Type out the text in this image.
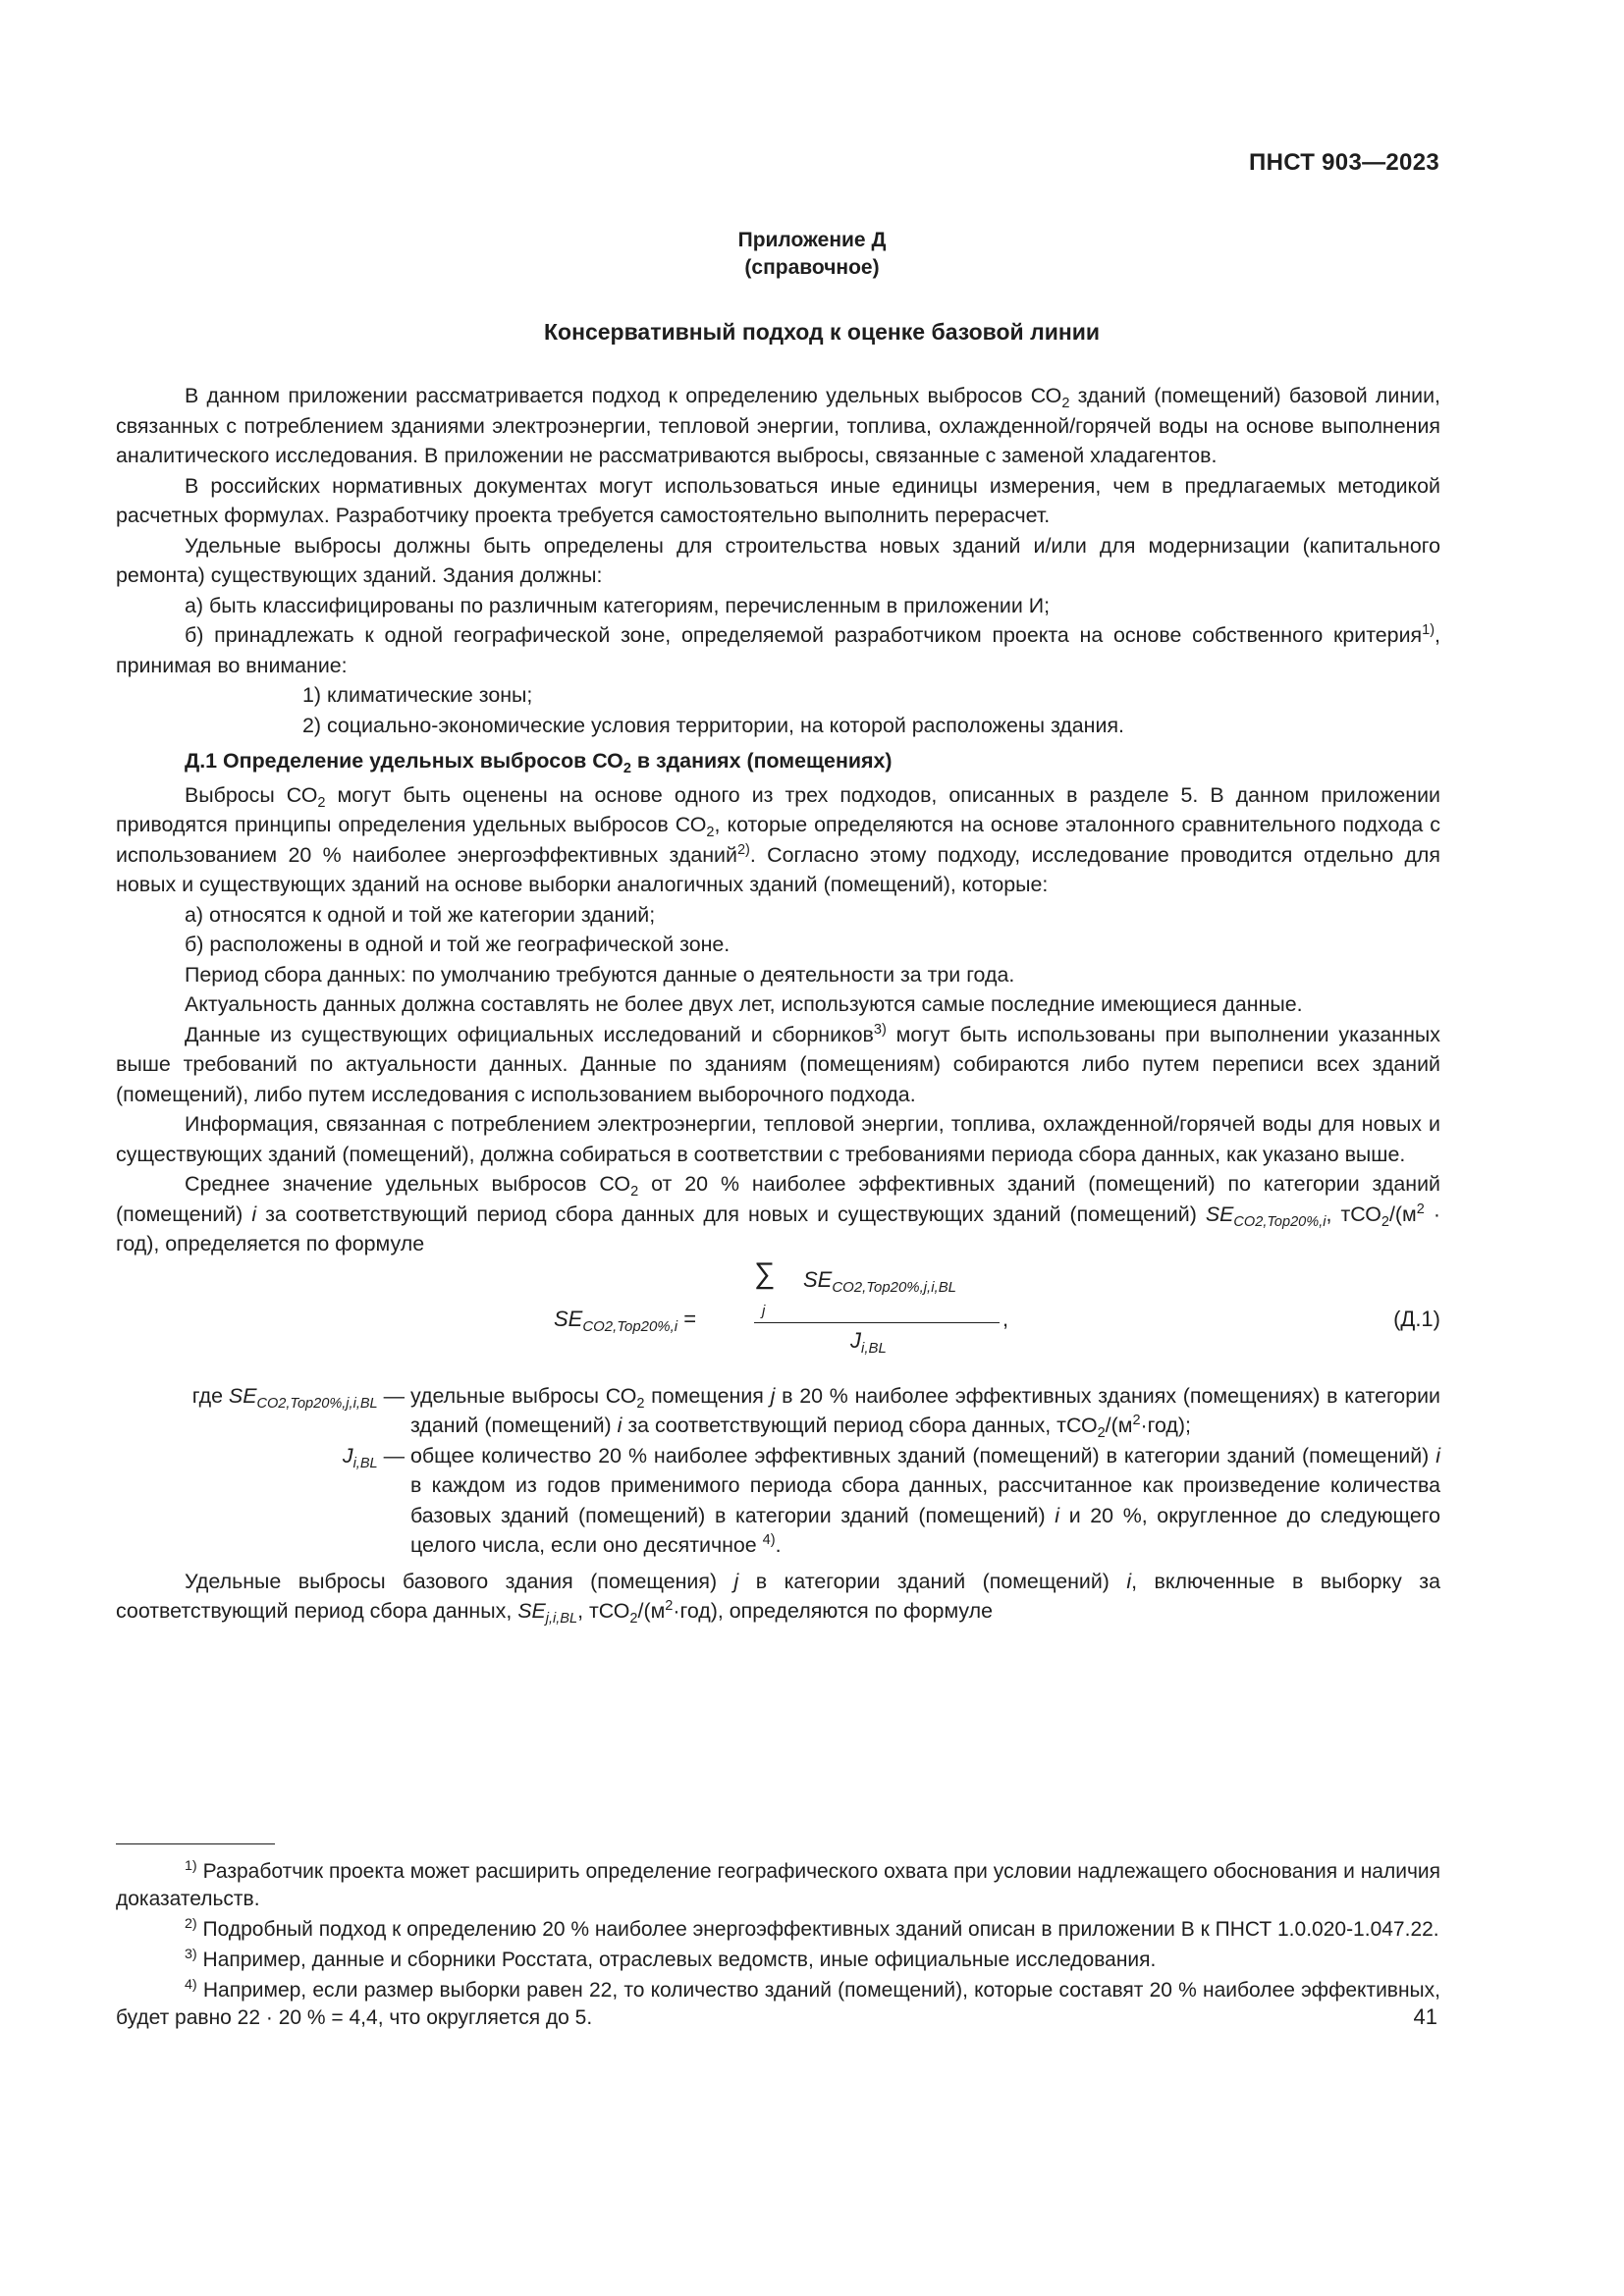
ПНСТ 903—2023
Приложение Д
(справочное)
Консервативный подход к оценке базовой линии

В данном приложении рассматривается подход к определению удельных выбросов $СО_2$ зданий (помещений) базовой линии, связанных с потреблением зданиями электроэнергии, тепловой энергии, топлива, охлажденной/горячей воды на основе выполнения аналитического исследования. В приложении не рассматриваются выбросы, связанные с заменой хладагентов.

В российских нормативных документах могут использоваться иные единицы измерения, чем в предлагаемых методикой расчетных формулах. Разработчику проекта требуется самостоятельно выполнить перерасчет.

Удельные выбросы должны быть определены для строительства новых зданий и/или для модернизации (капитального ремонта) существующих зданий. Здания должны:

а) быть классифицированы по различным категориям, перечисленным в приложении И;

б) принадлежать к одной географической зоне, определяемой разработчиком проекта на основе собственного критерия$^{1)}$, принимая во внимание:

1) климатические зоны;

2) социально-экономические условия территории, на которой расположены здания.

Д.1 Определение удельных выбросов $СО_2$ в зданиях (помещениях)

Выбросы $СО_2$ могут быть оценены на основе одного из трех подходов, описанных в разделе 5. В данном приложении приводятся принципы определения удельных выбросов $СО_2$, которые определяются на основе эталонного сравнительного подхода с использованием 20 % наиболее энергоэффективных зданий$^{2)}$. Согласно этому подходу, исследование проводится отдельно для новых и существующих зданий на основе выборки аналогичных зданий (помещений), которые:

а) относятся к одной и той же категории зданий;

б) расположены в одной и той же географической зоне.

Период сбора данных: по умолчанию требуются данные о деятельности за три года.

Актуальность данных должна составлять не более двух лет, используются самые последние имеющиеся данные.

Данные из существующих официальных исследований и сборников$^{3)}$ могут быть использованы при выполнении указанных выше требований по актуальности данных. Данные по зданиям (помещениям) собираются либо путем переписи всех зданий (помещений), либо путем исследования с использованием выборочного подхода.

Информация, связанная с потреблением электроэнергии, тепловой энергии, топлива, охлажденной/горячей воды для новых и существующих зданий (помещений), должна собираться в соответствии с требованиями периода сбора данных, как указано выше.

Среднее значение удельных выбросов $СО_2$ от 20 % наиболее эффективных зданий (помещений) по категории зданий (помещений) i за соответствующий период сбора данных для новых и существующих зданий (помещений) $SE_{CO2,Top20\%,i}$, $тСО_2/(м^2 \cdot год)$, определяется по формуле

$SE_{CO2,Top20\%,i}$ =
∑
j
$SE_{CO2,Top20\%,j,i,BL}$
$J_{i,BL}$
,	(Д.1)
где $SE_{CO2,Top20\%,j,i,BL}$ — удельные выбросы $СО_2$ помещения j в 20 % наиболее эффективных зданиях (помещениях) в категории зданий (помещений) i за соответствующий период сбора данных, $тСО_2/(м^2\cdot год)$;
$J_{i,BL}$ — общее количество 20 % наиболее эффективных зданий (помещений) в категории зданий (помещений) i в каждом из годов применимого периода сбора данных, рассчитанное как произведение количества базовых зданий (помещений) в категории зданий (помещений) i и 20 %, округленное до следующего целого числа, если оно десятичное $^{4)}$.

Удельные выбросы базового здания (помещения) j в категории зданий (помещений) i, включенные в выборку за соответствующий период сбора данных, $SE_{j,i,BL}$, $тСО_2/(м^2\cdot год)$, определяются по формуле

$^{1)}$ Разработчик проекта может расширить определение географического охвата при условии надлежащего обоснования и наличия доказательств.

$^{2)}$ Подробный подход к определению 20 % наиболее энергоэффективных зданий описан в приложении В к ПНСТ 1.0.020-1.047.22.

$^{3)}$ Например, данные и сборники Росстата, отраслевых ведомств, иные официальные исследования.

$^{4)}$ Например, если размер выборки равен 22, то количество зданий (помещений), которые составят 20 % наиболее эффективных, будет равно 22 · 20 % = 4,4, что округляется до 5.	41
